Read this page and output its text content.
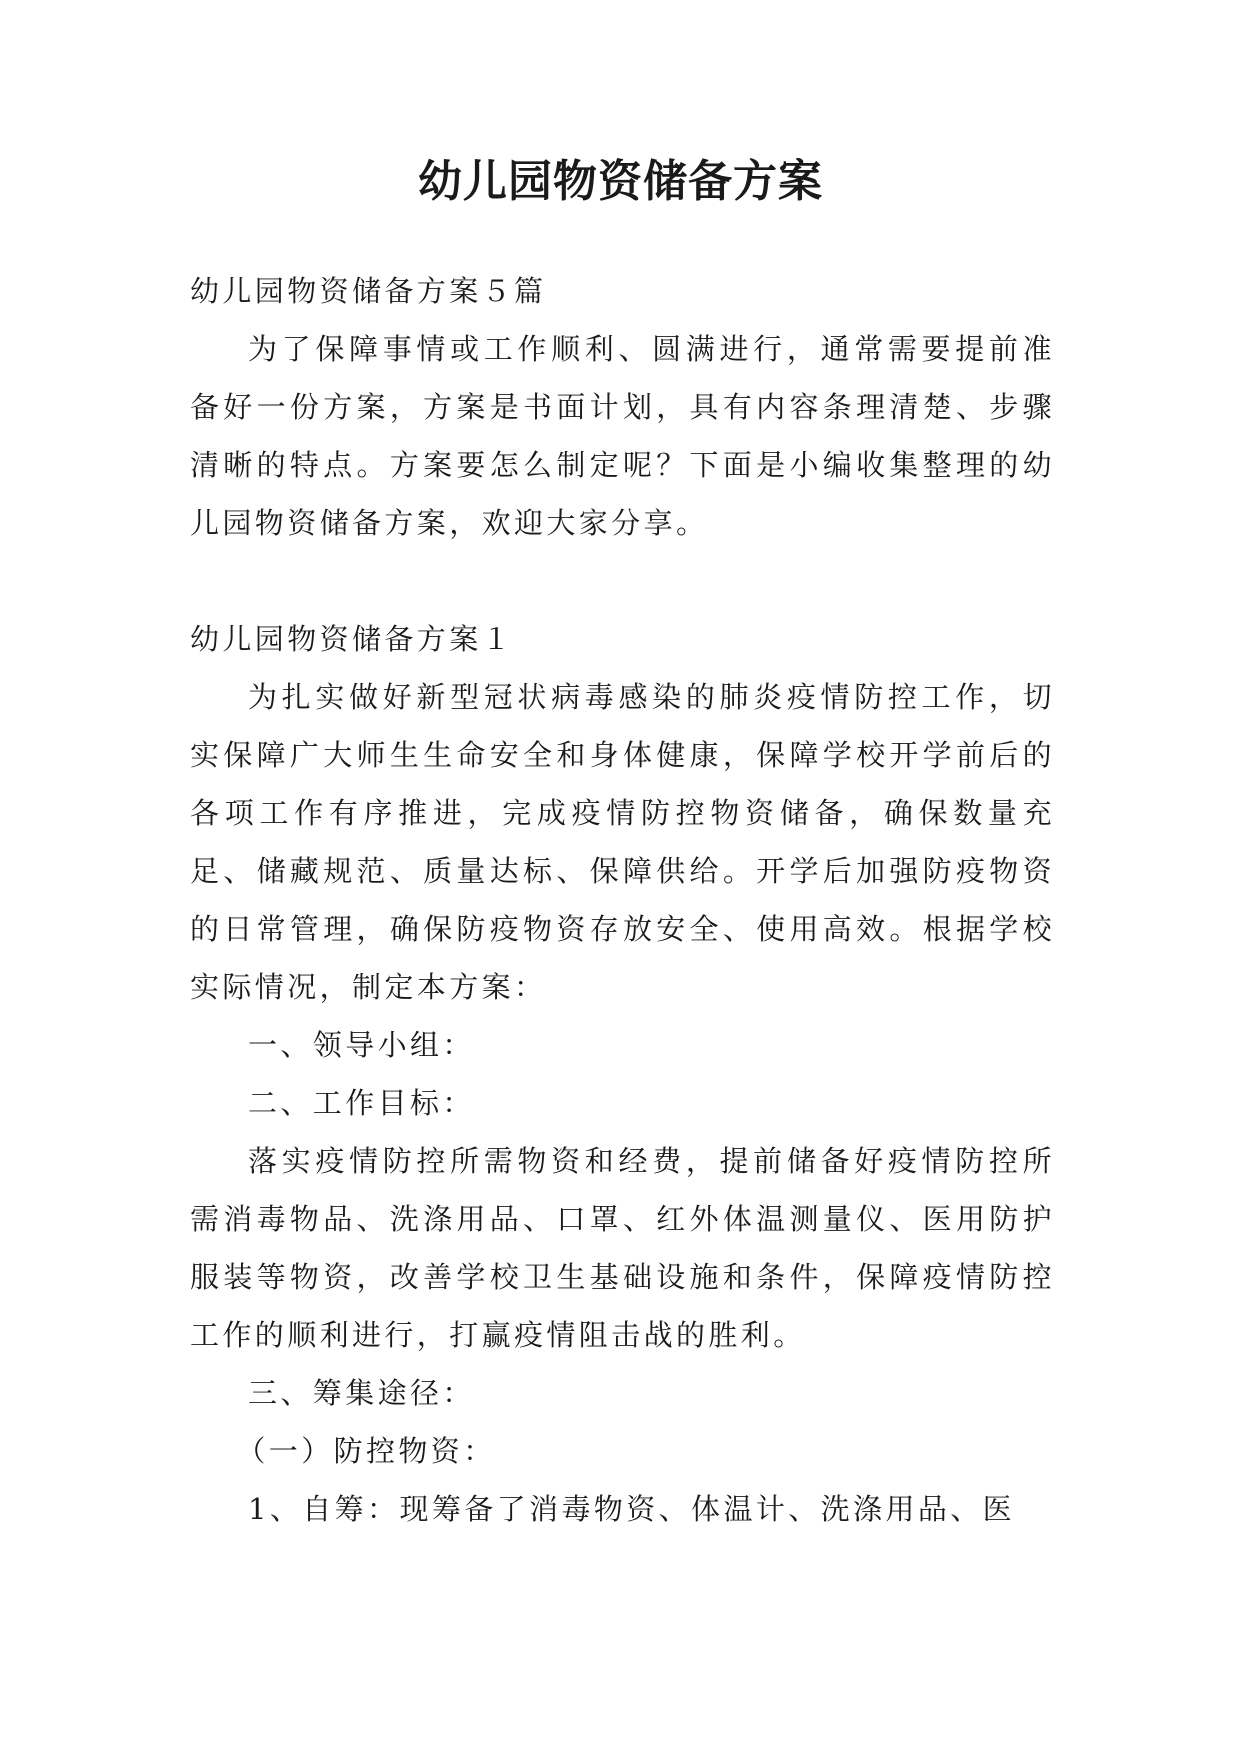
幼儿园物资储备方案

幼儿园物资储备方案５篇

为了保障事情或工作顺利、圆满进行，通常需要提前准备好一份方案，方案是书面计划，具有内容条理清楚、步骤清晰的特点。方案要怎么制定呢？下面是小编收集整理的幼儿园物资储备方案，欢迎大家分享。

幼儿园物资储备方案１

为扎实做好新型冠状病毒感染的肺炎疫情防控工作，切实保障广大师生生命安全和身体健康，保障学校开学前后的各项工作有序推进，完成疫情防控物资储备，确保数量充足、储藏规范、质量达标、保障供给。开学后加强防疫物资的日常管理，确保防疫物资存放安全、使用高效。根据学校实际情况，制定本方案：

一、领导小组：

二、工作目标：

落实疫情防控所需物资和经费，提前储备好疫情防控所需消毒物品、洗涤用品、口罩、红外体温测量仪、医用防护服装等物资，改善学校卫生基础设施和条件，保障疫情防控工作的顺利进行，打赢疫情阻击战的胜利。

三、筹集途径：

（一）防控物资：

1、自筹：现筹备了消毒物资、体温计、洗涤用品、医
